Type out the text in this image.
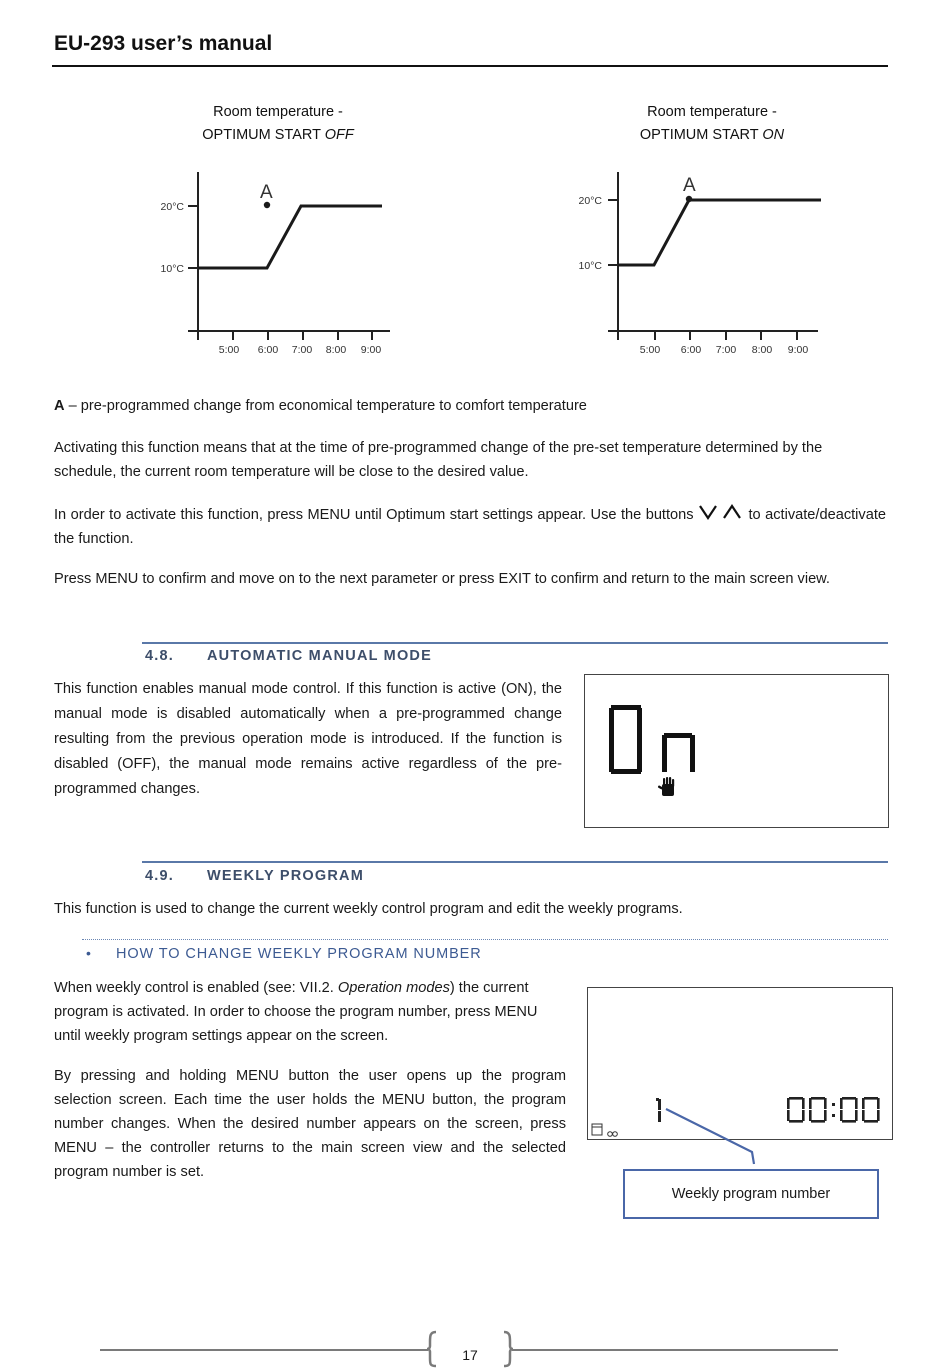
EU-293 user’s manual
Room temperature -
OPTIMUM START OFF
Room temperature -
OPTIMUM START ON
A
20°C
10°C
5:00 6:00 7:00 8:00 9:00
A
20°C
10°C
5:00 6:00 7:00 8:00 9:00
A – pre-programmed change from economical temperature to comfort temperature
Activating this function means that at the time of pre-programmed change of the pre-set temperature determined by the schedule, the current room temperature will be close to the desired value.
In order to activate this function, press MENU until Optimum start settings appear. Use the buttons	to activate/deactivate the function.
Press MENU to confirm and move on to the next parameter or press EXIT to confirm and return to the main screen view.
4.8. AUTOMATIC MANUAL MODE
This function enables manual mode control. If this function is active (ON), the manual mode is disabled automatically when a pre-programmed change resulting from the previous operation mode is introduced. If the function is disabled (OFF), the manual mode remains active regardless of the pre-programmed changes.
4.9. WEEKLY PROGRAM
This function is used to change the current weekly control program and edit the weekly programs.
• HOW TO CHANGE WEEKLY PROGRAM NUMBER
When weekly control is enabled (see: VII.2. Operation modes) the current program is activated. In order to choose the program number, press MENU until weekly program settings appear on the screen.
By pressing and holding MENU button the user opens up the program selection screen. Each time the user holds the MENU button, the program number changes. When the desired number appears on the screen, press MENU – the controller returns to the main screen view and the selected program number is set.
Weekly program number
17
